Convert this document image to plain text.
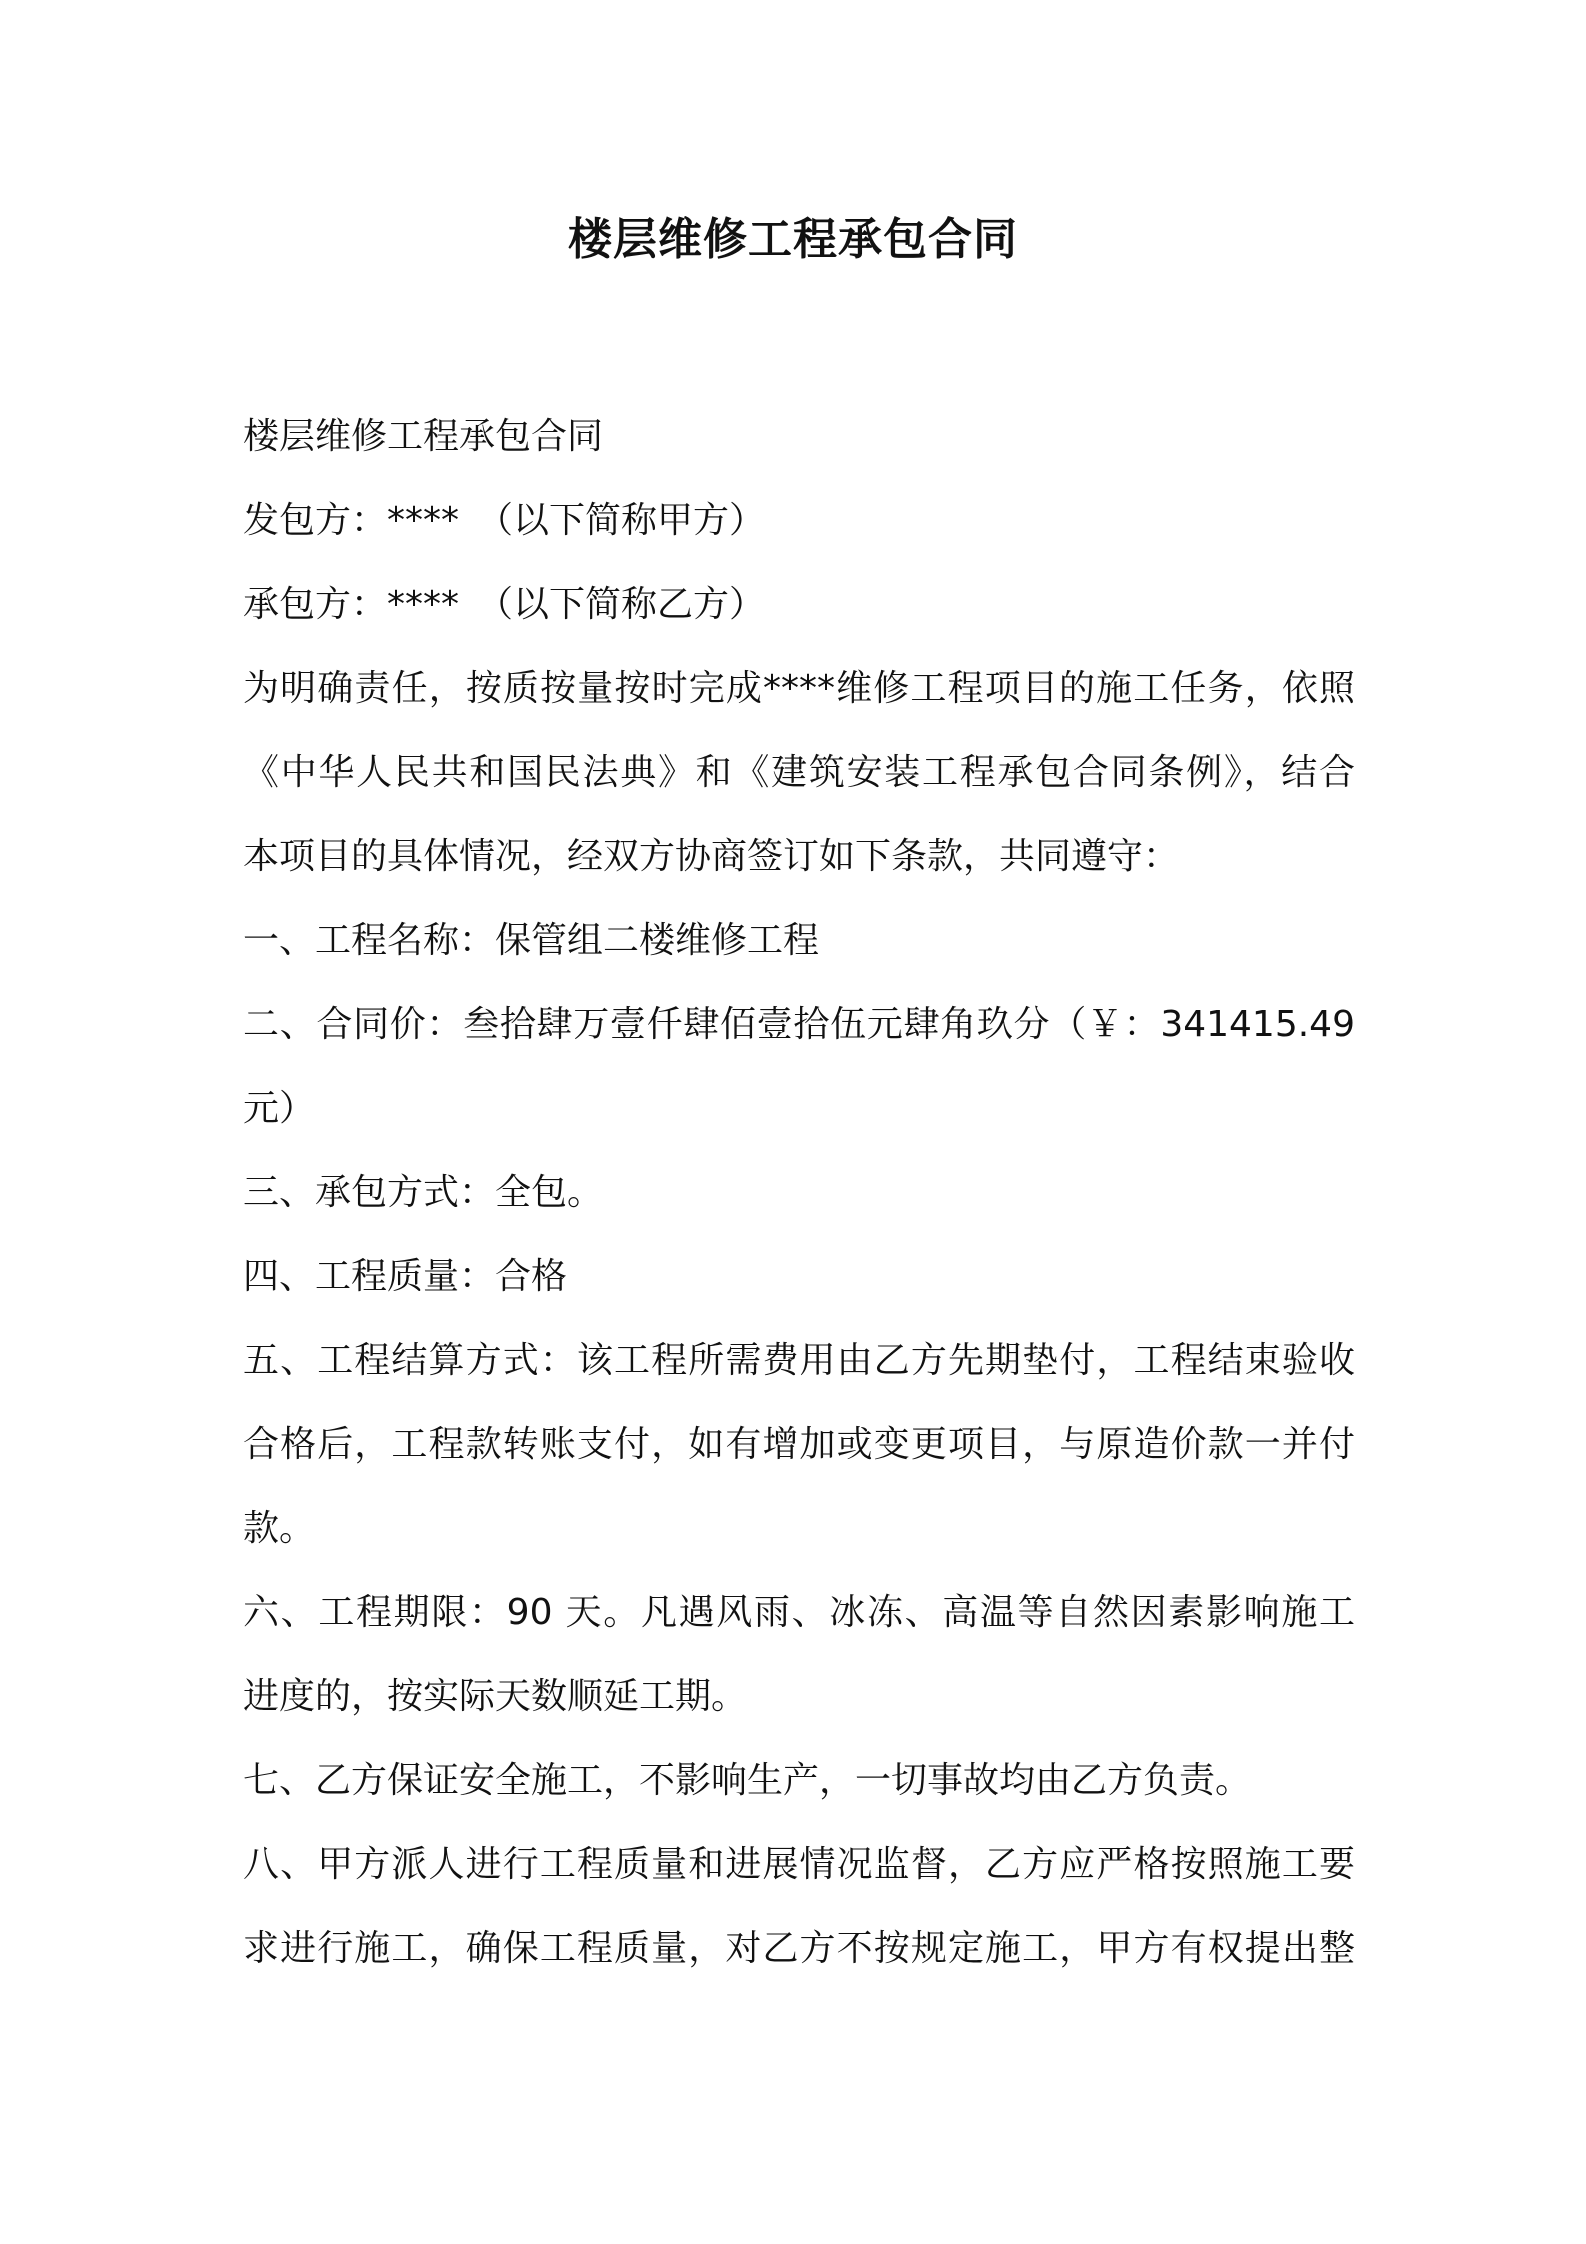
楼层维修工程承包合同
楼层维修工程承包合同
发包方：****　（以下简称甲方）
承包方：****　（以下简称乙方）
为明确责任，按质按量按时完成****维修工程项目的施工任务，依照
《中华人民共和国民法典》和《建筑安装工程承包合同条例》，结合
本项目的具体情况，经双方协商签订如下条款，共同遵守：
一、工程名称：保管组二楼维修工程
二、合同价：叁拾肆万壹仟肆佰壹拾伍元肆角玖分（￥：341415.49
元）
三、承包方式：全包。
四、工程质量：合格
五、工程结算方式：该工程所需费用由乙方先期垫付，工程结束验收
合格后，工程款转账支付，如有增加或变更项目，与原造价款一并付
款。
六、工程期限：90 天。凡遇风雨、冰冻、高温等自然因素影响施工
进度的，按实际天数顺延工期。
七、乙方保证安全施工，不影响生产，一切事故均由乙方负责。
八、甲方派人进行工程质量和进展情况监督，乙方应严格按照施工要
求进行施工，确保工程质量，对乙方不按规定施工，甲方有权提出整
